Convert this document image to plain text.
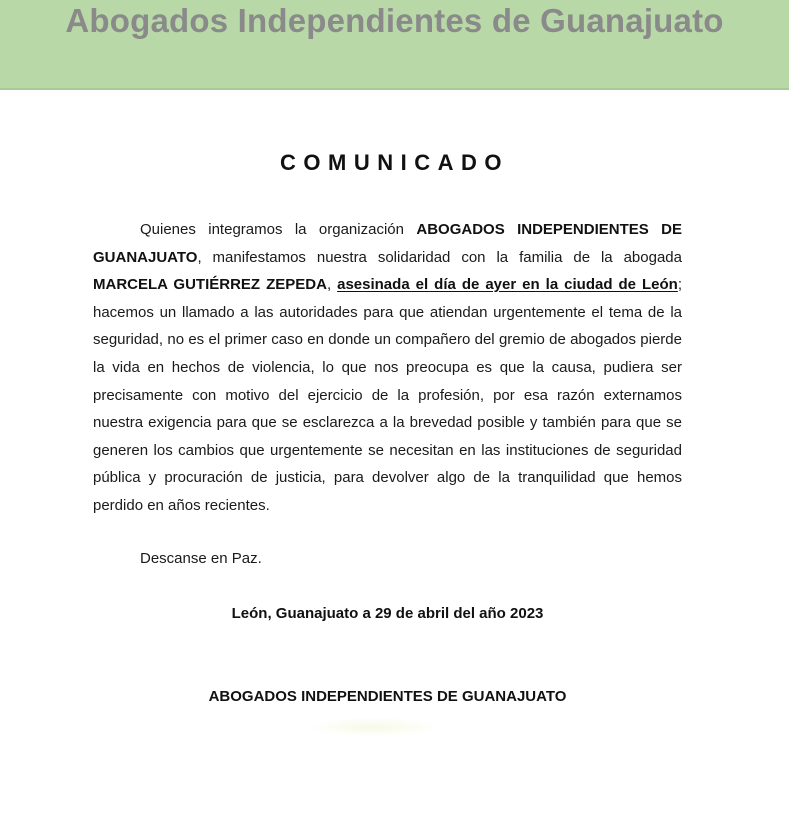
Abogados Independientes de Guanajuato
COMUNICADO
Quienes integramos la organización ABOGADOS INDEPENDIENTES DE GUANAJUATO, manifestamos nuestra solidaridad con la familia de la abogada MARCELA GUTIÉRREZ ZEPEDA, asesinada el día de ayer en la ciudad de León; hacemos un llamado a las autoridades para que atiendan urgentemente el tema de la seguridad, no es el primer caso en donde un compañero del gremio de abogados pierde la vida en hechos de violencia, lo que nos preocupa es que la causa, pudiera ser precisamente con motivo del ejercicio de la profesión, por esa razón externamos nuestra exigencia para que se esclarezca a la brevedad posible y también para que se generen los cambios que urgentemente se necesitan en las instituciones de seguridad pública y procuración de justicia, para devolver algo de la tranquilidad que hemos perdido en años recientes.
Descanse en Paz.
León, Guanajuato a 29 de abril del año 2023
ABOGADOS INDEPENDIENTES DE GUANAJUATO
